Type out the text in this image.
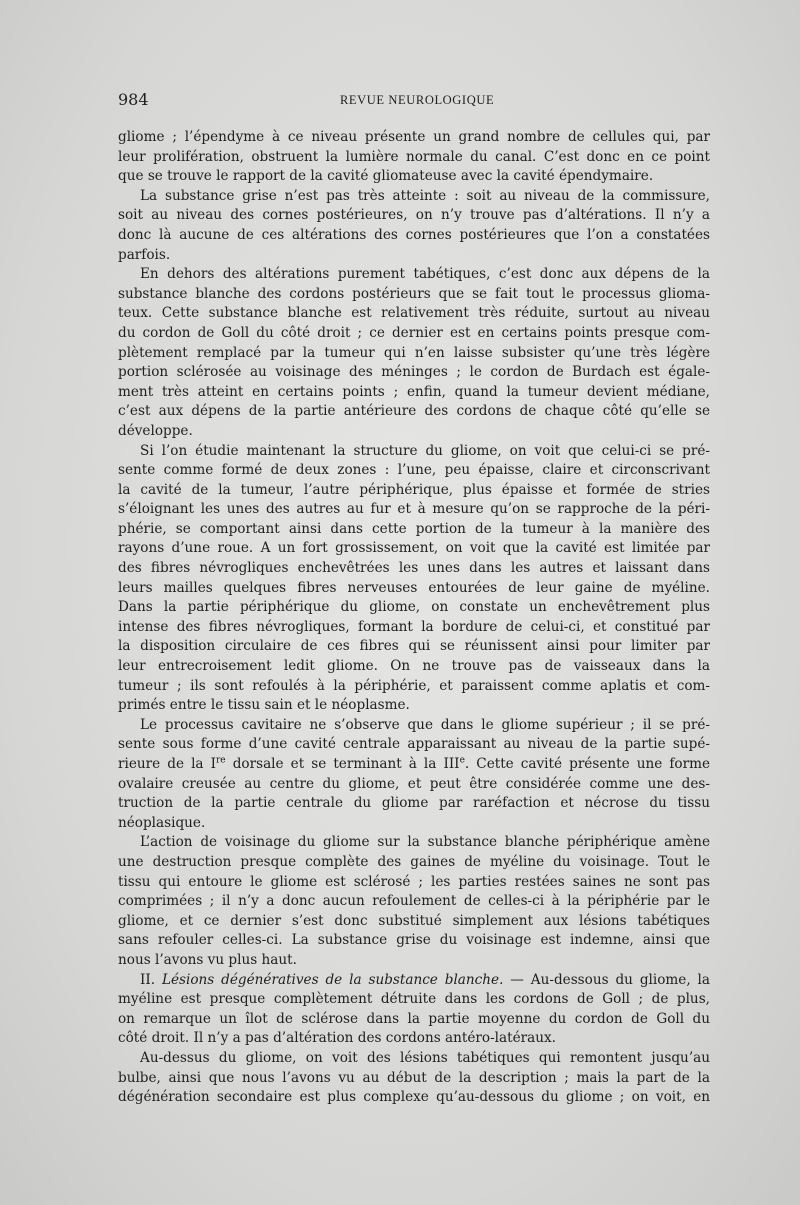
984	REVUE NEUROLOGIQUE
gliome ; l’épendyme à ce niveau présente un grand nombre de cellules qui, par
leur prolifération, obstruent la lumière normale du canal. C’est donc en ce point
que se trouve le rapport de la cavité gliomateuse avec la cavité épendymaire.
La substance grise n’est pas très atteinte : soit au niveau de la commissure,
soit au niveau des cornes postérieures, on n’y trouve pas d’altérations. Il n’y a
donc là aucune de ces altérations des cornes postérieures que l’on a constatées
parfois.
En dehors des altérations purement tabétiques, c’est donc aux dépens de la
substance blanche des cordons postérieurs que se fait tout le processus glioma-
teux. Cette substance blanche est relativement très réduite, surtout au niveau
du cordon de Goll du côté droit ; ce dernier est en certains points presque com-
plètement remplacé par la tumeur qui n’en laisse subsister qu’une très légère
portion sclérosée au voisinage des méninges ; le cordon de Burdach est égale-
ment très atteint en certains points ; enfin, quand la tumeur devient médiane,
c’est aux dépens de la partie antérieure des cordons de chaque côté qu’elle se
développe.
Si l’on étudie maintenant la structure du gliome, on voit que celui-ci se pré-
sente comme formé de deux zones : l’une, peu épaisse, claire et circonscrivant
la cavité de la tumeur, l’autre périphérique, plus épaisse et formée de stries
s’éloignant les unes des autres au fur et à mesure qu’on se rapproche de la péri-
phérie, se comportant ainsi dans cette portion de la tumeur à la manière des
rayons d’une roue. A un fort grossissement, on voit que la cavité est limitée par
des fibres névrogliques enchevêtrées les unes dans les autres et laissant dans
leurs mailles quelques fibres nerveuses entourées de leur gaine de myéline.
Dans la partie périphérique du gliome, on constate un enchevêtrement plus
intense des fibres névrogliques, formant la bordure de celui-ci, et constitué par
la disposition circulaire de ces fibres qui se réunissent ainsi pour limiter par
leur entrecroisement ledit gliome. On ne trouve pas de vaisseaux dans la
tumeur ; ils sont refoulés à la périphérie, et paraissent comme aplatis et com-
primés entre le tissu sain et le néoplasme.
Le processus cavitaire ne s’observe que dans le gliome supérieur ; il se pré-
sente sous forme d’une cavité centrale apparaissant au niveau de la partie supé-
rieure de la Ire dorsale et se terminant à la IIIe. Cette cavité présente une forme
ovalaire creusée au centre du gliome, et peut être considérée comme une des-
truction de la partie centrale du gliome par raréfaction et nécrose du tissu
néoplasique.
L’action de voisinage du gliome sur la substance blanche périphérique amène
une destruction presque complète des gaines de myéline du voisinage. Tout le
tissu qui entoure le gliome est sclérosé ; les parties restées saines ne sont pas
comprimées ; il n’y a donc aucun refoulement de celles-ci à la périphérie par le
gliome, et ce dernier s’est donc substitué simplement aux lésions tabétiques
sans refouler celles-ci. La substance grise du voisinage est indemne, ainsi que
nous l’avons vu plus haut.
II. Lésions dégénératives de la substance blanche. — Au-dessous du gliome, la
myéline est presque complètement détruite dans les cordons de Goll ; de plus,
on remarque un îlot de sclérose dans la partie moyenne du cordon de Goll du
côté droit. Il n’y a pas d’altération des cordons antéro-latéraux.
Au-dessus du gliome, on voit des lésions tabétiques qui remontent jusqu’au
bulbe, ainsi que nous l’avons vu au début de la description ; mais la part de la
dégénération secondaire est plus complexe qu’au-dessous du gliome ; on voit, en
